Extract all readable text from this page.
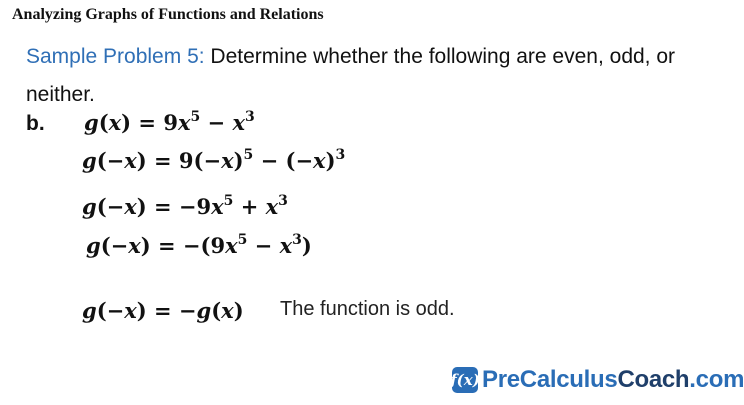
Analyzing Graphs of Functions and Relations
Sample Problem 5: Determine whether the following are even, odd, or neither.
b. $g(x) = 9x^5 - x^3$
$g(-x) = 9(-x)^5 - (-x)^3$
$g(-x) = -9x^5 + x^3$
$g(-x) = -(9x^5 - x^3)$
g(−x) = −g(x) The function is odd.
f(x) PreCalculusCoach.com
